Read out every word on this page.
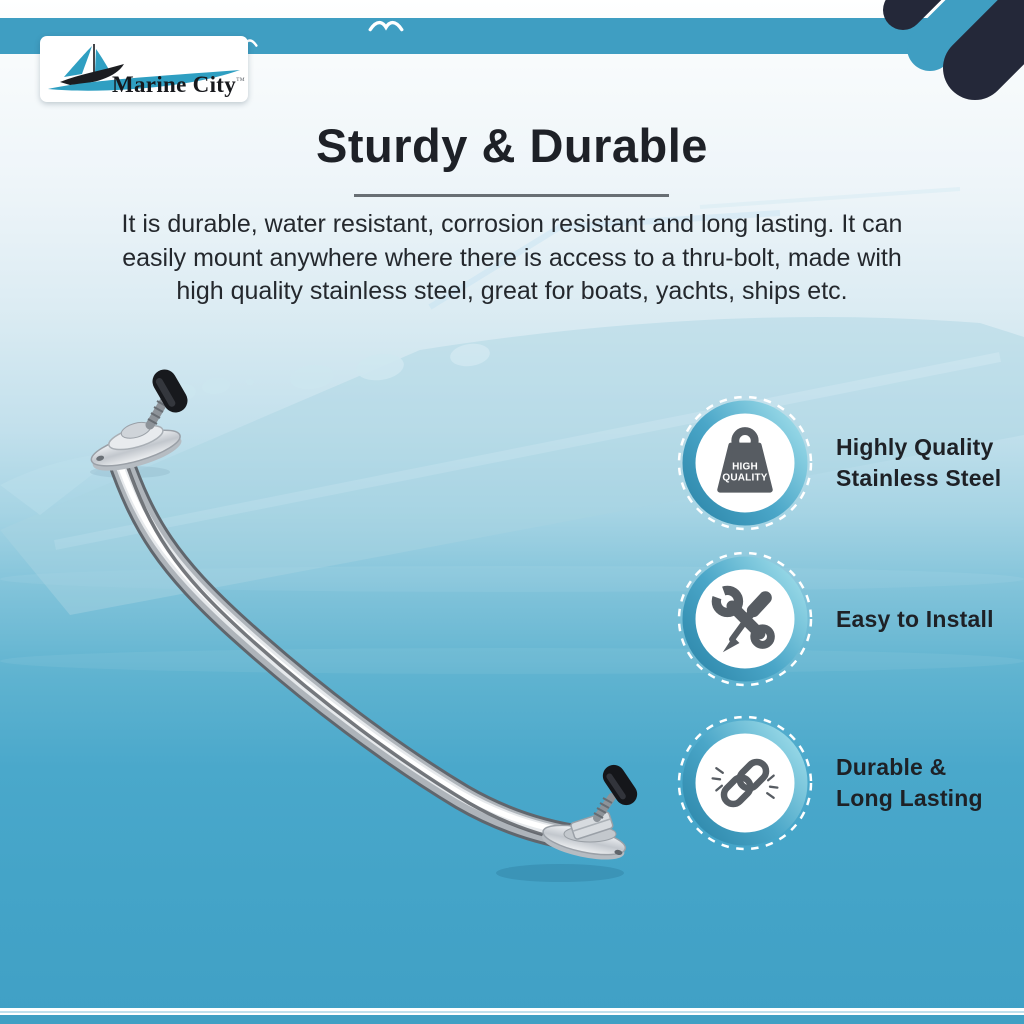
Marine City™
Sturdy & Durable
It is durable, water resistant, corrosion resistant and long lasting. It can
easily mount anywhere where there is access to a thru-bolt, made with
high quality stainless steel, great for boats, yachts, ships etc.
HIGH QUALITY
Highly Quality
Stainless Steel
Easy to Install
Durable &
Long Lasting
